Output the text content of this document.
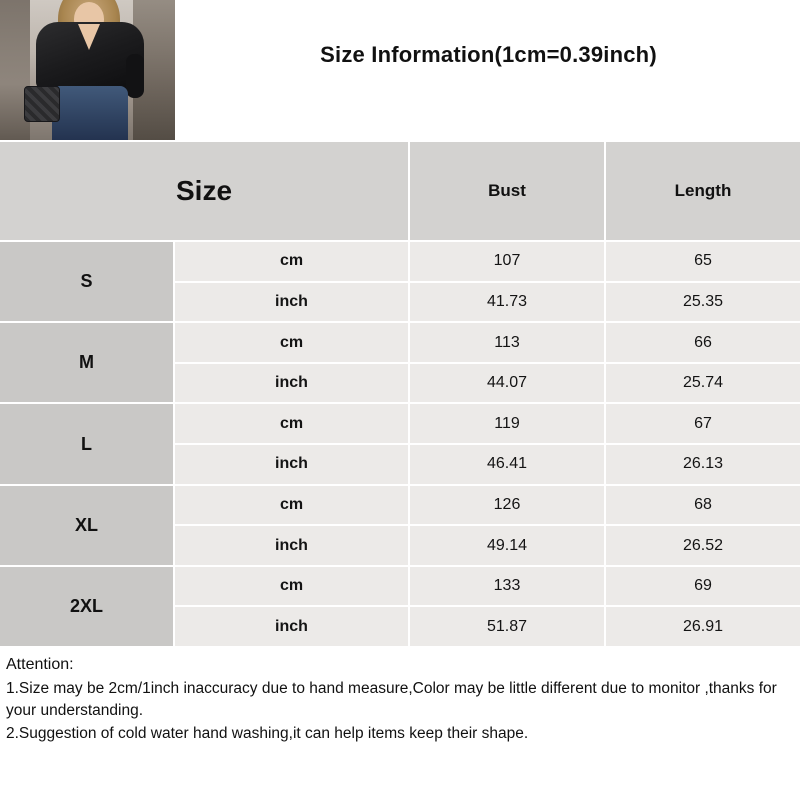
Size Information(1cm=0.39inch)
Size	Bust	Length
S
cm	107	65
inch	41.73	25.35
M
cm	113	66
inch	44.07	25.74
L
cm	119	67
inch	46.41	26.13
XL
cm	126	68
inch	49.14	26.52
2XL
cm	133	69
inch	51.87	26.91

Attention:

1.Size may be 2cm/1inch inaccuracy due to hand measure,Color may be little different due to monitor ,thanks for your understanding.

2.Suggestion of cold water hand washing,it can help items keep their shape.
